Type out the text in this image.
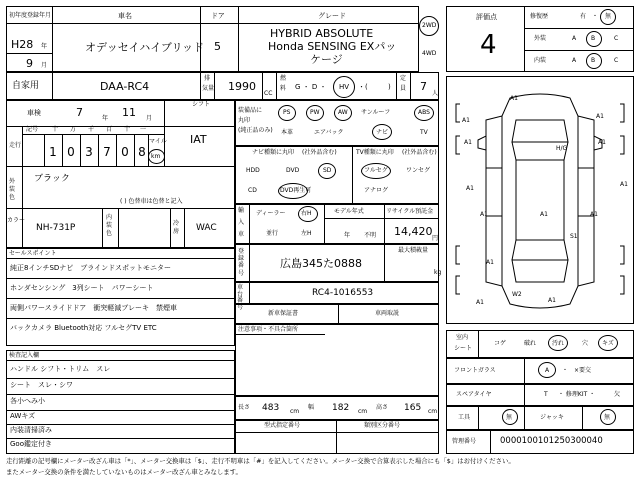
初年度登録年月
H28 年
9 月
車名
オデッセイハイブリッド
ドア
5
グレード
HYBRID ABSOLUTE
Honda SENSING EXパッ
ケージ
2WD
4WD
自家用	DAA-RC4
排
気量 1990
CC
燃
料 G ・ D ・ HV ・(	)
定
員 7
人
車検	7	年 11 月
シフト
IAT
走行
記号 十 万 千 百 十 一
1 0 3 7 0 8
マイル
km
外装色
ブラック
( ) 色替車は色替と記入
カラー
NH-731P
内装色
冷房 WAC
セールスポイント
純正8インチSDナビ　ブラインドスポットモニター
ホンダセンシング　3列シート　パワーシート
両側パワースライドドア　衝突軽減ブレーキ　禁煙車
バックカメラ Bluetooth対応 フルセグTV ETC
検査記入欄
ハンドル シフト・トリム　スレ
シート　スレ・シワ
各小へみ小
AWキズ
内装清掃済み
Goo鑑定付き
装備品に
丸印
(純正品のみ)
PS	PW	AW サンルーフ	ABS
本革	エアバック	ナビ	TV
ナビ種類に丸印 (社外品含む)
HDD	DVD	SD
CD	DVD再生可
TV種類に丸印 (社外品含む)
フルセグ	ワンセグ
アナログ
輸
入
車
ディーラー	右H
並行	左H
モデル年式
年 不明
リサイクル預託金
14,420
円
登録番号
広島345た0888
最大積載量
kg
車台番号
RC4-1016553
新車保証書	車両取説
注意事項・不具合箇所
長さ 483 cm
幅 182 cm
高さ 165 cm
型式指定番号	類別区分番号
評価点
4
修復歴	有 ・ 無
外装	A B	C
内装	A B	C
A1
A1
A1
A1	A1
H/G
A1
A1
A1	A1	A1
A1
S1
W2
A1
A1
室内
シート
コゲ	破れ	汚れ	穴 キズ
フロントガラス	A ・ ×要交
スペアタイヤ	T ・ 修理KIT ・	欠
工具	無	ジャッキ	無
管理番号	0000100101250300040
走行距離の記号欄にメーター改ざん車は「*」、メーター交換車は「$」、走行不明車は「#」を記入してください。メーター交換で合算表示した場合にも「$」はお付けください。
またメーター交換の条件を満たしていないものはメーター改ざん車とみなします。
